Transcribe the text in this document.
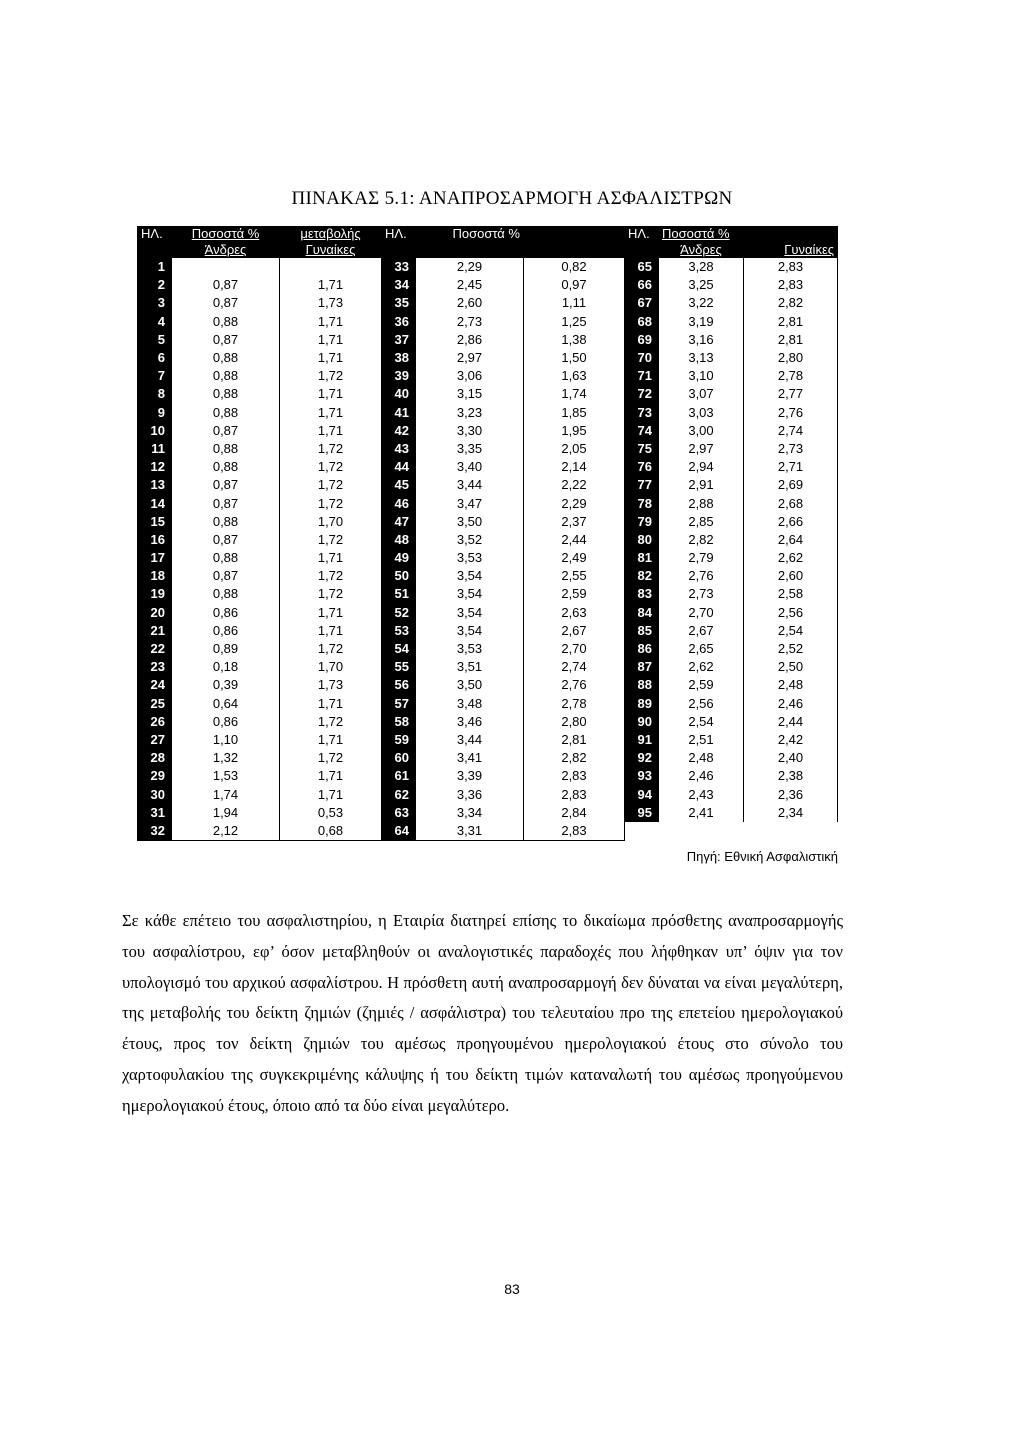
ΠΙΝΑΚΑΣ 5.1: ΑΝΑΠΡΟΣΑΡΜΟΓΗ ΑΣΦΑΛΙΣΤΡΩΝ
ΗΛ.	Ποσοστά %	μεταβολής	ΗΛ.	Ποσοστά %		ΗΛ.	Ποσοστά %	
	Άνδρες	Γυναίκες					Άνδρες	Γυναίκες
1			33	2,29	0,82	65	3,28	2,83
2	0,87	1,71	34	2,45	0,97	66	3,25	2,83
3	0,87	1,73	35	2,60	1,11	67	3,22	2,82
4	0,88	1,71	36	2,73	1,25	68	3,19	2,81
5	0,87	1,71	37	2,86	1,38	69	3,16	2,81
6	0,88	1,71	38	2,97	1,50	70	3,13	2,80
7	0,88	1,72	39	3,06	1,63	71	3,10	2,78
8	0,88	1,71	40	3,15	1,74	72	3,07	2,77
9	0,88	1,71	41	3,23	1,85	73	3,03	2,76
10	0,87	1,71	42	3,30	1,95	74	3,00	2,74
11	0,88	1,72	43	3,35	2,05	75	2,97	2,73
12	0,88	1,72	44	3,40	2,14	76	2,94	2,71
13	0,87	1,72	45	3,44	2,22	77	2,91	2,69
14	0,87	1,72	46	3,47	2,29	78	2,88	2,68
15	0,88	1,70	47	3,50	2,37	79	2,85	2,66
16	0,87	1,72	48	3,52	2,44	80	2,82	2,64
17	0,88	1,71	49	3,53	2,49	81	2,79	2,62
18	0,87	1,72	50	3,54	2,55	82	2,76	2,60
19	0,88	1,72	51	3,54	2,59	83	2,73	2,58
20	0,86	1,71	52	3,54	2,63	84	2,70	2,56
21	0,86	1,71	53	3,54	2,67	85	2,67	2,54
22	0,89	1,72	54	3,53	2,70	86	2,65	2,52
23	0,18	1,70	55	3,51	2,74	87	2,62	2,50
24	0,39	1,73	56	3,50	2,76	88	2,59	2,48
25	0,64	1,71	57	3,48	2,78	89	2,56	2,46
26	0,86	1,72	58	3,46	2,80	90	2,54	2,44
27	1,10	1,71	59	3,44	2,81	91	2,51	2,42
28	1,32	1,72	60	3,41	2,82	92	2,48	2,40
29	1,53	1,71	61	3,39	2,83	93	2,46	2,38
30	1,74	1,71	62	3,36	2,83	94	2,43	2,36
31	1,94	0,53	63	3,34	2,84	95	2,41	2,34
32	2,12	0,68	64	3,31	2,83			
Πηγή: Εθνική Ασφαλιστική

Σε κάθε επέτειο του ασφαλιστηρίου, η Εταιρία διατηρεί επίσης το δικαίωμα πρόσθετης αναπροσαρμογής του ασφαλίστρου, εφ’ όσον μεταβληθούν οι αναλογιστικές παραδοχές που λήφθηκαν υπ’ όψιν για τον υπολογισμό του αρχικού ασφαλίστρου. Η πρόσθετη αυτή αναπροσαρμογή δεν δύναται να είναι μεγαλύτερη, της μεταβολής του δείκτη ζημιών (ζημιές / ασφάλιστρα) του τελευταίου προ της επετείου ημερολογιακού έτους, προς τον δείκτη ζημιών του αμέσως προηγουμένου ημερολογιακού έτους στο σύνολο του χαρτοφυλακίου της συγκεκριμένης κάλυψης ή του δείκτη τιμών καταναλωτή του αμέσως προηγούμενου ημερολογιακού έτους, όποιο από τα δύο είναι μεγαλύτερο.

83
